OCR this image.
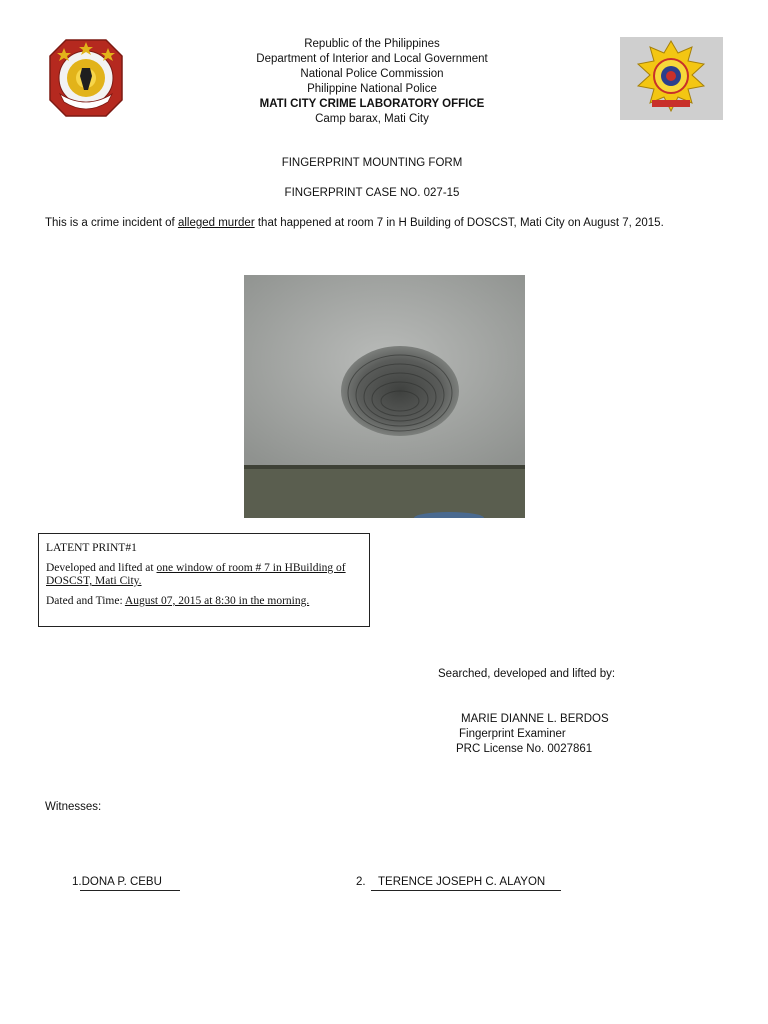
Republic of the Philippines
Department of Interior and Local Government
National Police Commission
Philippine National Police
MATI CITY CRIME LABORATORY OFFICE
Camp barax, Mati City
FINGERPRINT MOUNTING FORM
FINGERPRINT CASE NO. 027-15
This is a crime incident of alleged murder that happened at room 7 in H Building of DOSCST, Mati City on August 7, 2015.

LATENT PRINT#1

Developed and lifted at one window of room # 7 in HBuilding of DOSCST, Mati City.

Dated and Time: August 07, 2015 at 8:30 in the morning.

Searched, developed and lifted by:
MARIE DIANNE L. BERDOS
Fingerprint Examiner
PRC License No. 0027861
Witnesses:
1.DONA P. CEBU	2. TERENCE JOSEPH C. ALAYON
